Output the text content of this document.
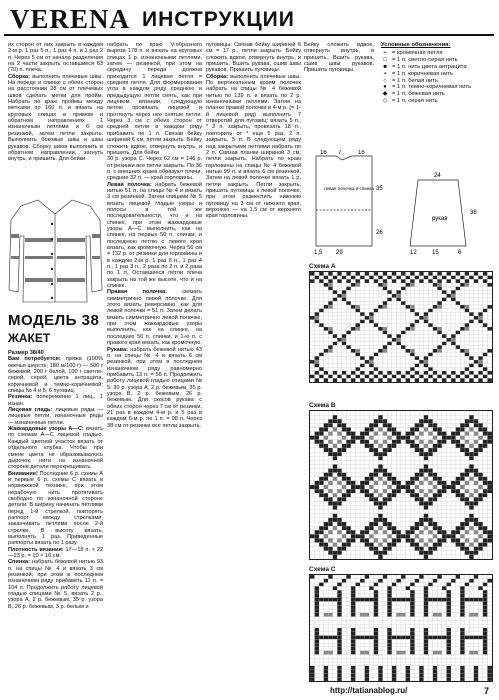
VERENA ИНСТРУКЦИИ

их сторон от них закрыть в каждом 2-м р. 1 раз 5 п., 1 раз 4 п. и 1 раз 2 п. Через 5 см от начала разделения на 2 части закрыть оставшиеся 63 (70) п. плеча.

Сборка: выполнить плечевые швы. На переде и спинке с обеих сторон на расстоянии 28 см от плечевых швов сделать метки для пройм. Набрать по краю проймы между метками по 160 п. и вязать на круговых спицах в прямом и обратном направлениях 1 изнаночным петлями и 6 см резинкой, затем петли закрыть. Выполнить боковые швы и швы рукавов. Сборку швов выполнить в обратном направлении, загнуть внутрь, и пришить. Для бейки

МОДЕЛЬ 38
ЖАКЕТ

Размер 38/40

Вам потребуется: пряжа (100% овечья шерсть; 180 м/100 г) — 500 г бежевой, 200 г белой, 100 г светло-серой, серой, цвета антрацита, коричневой и темно-коричневой; спицы № 4 и 5; 6 пуговиц.

Резинка: попеременно 1 лиц., 1 изнан.

Лицевая гладь: лицевые ряды — лицевые петли, изнаночные ряды — изнаночные петли.

Жаккардовые узоры А—С: вязать по схемам А—С лицевой гладью. Каждый цветной участок вязать от отдельного клубка. Чтобы при смене цвета не образовывалось дырочек, нити на изнаночной стороне детали перекрещивать.

Внимание! Последние 6 р. схемы А и первые 6 р. схемы С вязать в норвежской технике, при этом нерабочую нить протягивать свободно по изнаночной стороне детали. В ширину начинать петлями перед 1-й стрелкой, повторять раппорт между стрелками, заканчивать петлями после 2-й стрелки. В высоту вязать, выполнять 1 раз. Приведенные раппорты вязать по 1 разу.

Плотность вязания: 17—18 п. × 22—23 р. = 10 × 10 см.

Спинка: набрать бежевой нитью 93 п. на спицы № 4 и вязать 3 см резинкой, при этом в последнем изнаночном ряду прибавить 11 п. = 104 п. Продолжить работу лицевой гладью спицами № 5, вязать 2 р., узора А, 2 р. бежевым, 35 р. узора В, 26 р. бежевым, 3 р. белым и

набрать по краю V-образного выреза 178 п. и вязать на круговых спицах 1 р. изнаночными петлями, затем — резинкой, при этом на середину переда должна приходится 1 лицевая петля = средняя петля. Для формирования угла в каждом ряду среднюю и предыдущую петли снять, как при лицевом вязании, следующую петлю провязать лицевой и протянуть через нее снятые петли. Через 3 см с обеих сторон от средней петли в каждом ряду прибавить по 1 п. Связав бейку шириной 6 см, петли закрыть. Бейку сложить вдвое, отвернуть внутрь, и пришить. Для бейки

30 р. узора С. Через 62 см = 146 р. от резинки все петли закрыть. По 36 п. с внешних краев образуют плечи, средние 32 п. — край горловины.

Левая полочка: набрать бежевой нитью 51 п. на спицы № 4 и вязать 3 см резинкой. Затем спицами № 5 вязать лицевой гладью узоры и полосы в той же последовательности, что и на спинке, при этом жаккардовые узоры А—С выполнить, как на спинке, на первых 50 п. спинки, и последнюю петлю с левого края вязать, как кромочную. Через 56 см = 132 р. от резинки для горловины и в каждом 2-м р. 1 раз 6 п., 1 раз 4 п., 1 раз 3 п., 2 раза по 2 п. и 2 раза по 1 п. Оставшиеся петли плеча закрыть на той же высоте, что и на спинке.

Правая полочка: связать симметрично левой полочке. Для этого вязать реверсивно, как для левой полочки = 51 п. Затем делать вязать симметрично левой полочке, при этом жаккардовые узоры выполнить, как на спинке, на последних 50 п. спинки, и 1-ю п. с правого края вязать, как кромочную.

Рукава: набрать бежевой нитью 43 п. на спицы № 4 и вязать 6 см резинкой, при этом в последнем изнаночном ряду равномерно прибавить 13 п. = 56 п. Продолжить работу лицевой гладью спицами № 5: 30 р. узора А, 2 р. бежевым, 35 р. узора В, 2 р. бежевым, 26 р. бежевым. Для скосов рукава с обеих сторон через 7 см от резинки, 21 раз в каждом 4-м р. и 5 раз в каждом 6-м р. по 1 п. = 98 п. Через 38 см от резинки все петли закрыть.

пуговицы. Связав бейку шириной 6 см = 17 р., петли закрыть. Бейку сложить вдвое, отвернуть внутрь, и пришить. Вшить рукава, сшив швы рукавов. Пришить пуговицы.

Сборка: выполнить плечевые швы. По вертикальным краям полочек набрать на спицы № 4 бежевой нитью по 139 п. и вязать по 2 р. изнаночными петлями. Затем на планке правой полочки в 4-м р. (= 1-й лицевой ряд) выполнить 7 отверстий для пуговиц: вязать 5 п., * 2 п. закрыть, провязать 18 п., повторить от * еще 5 раз, 2 п. закрыть, 5 п. В следующем ряду над закрытыми петлями набрать по 2 п. Связав планки шириной 3 см, петли закрыть. Набрать по краю горловины на спицы № 4 бежевой нитью 99 п. и вязать 6 см резинкой. Затем на левой полочке вязать 1 р. петли закрыть. Петли закрыть, пришить пуговицы к левой полочке, при этом разместить нижнюю пуговицу на 3 см от нижнего края, верхнюю — на 1,5 см от верхнего края горловины.

Бейку сложить вдвое, отвернуть внутрь, и пришить. Вшить рукава, сшив швы рукавов. Пришить пуговицы.

Условные обозначения:
+ = кромочная петля
□ = 1 п. светло-серая нить
■ = 1 п. нить цвета антрацита
▪	= 1 п. коричневая нить
○ = 1 п. белая нить
● = 1 п. темно-коричневая нить
◆ = 1 п. бежевая нить
◇ = 1 п. серая нить
7
16	16
левая полочка и спинка 35
26
29
1,5
рукав
24
38
12	15	6
Схема А
Схема В
Схема С
http://tatianablog.ru/	7
